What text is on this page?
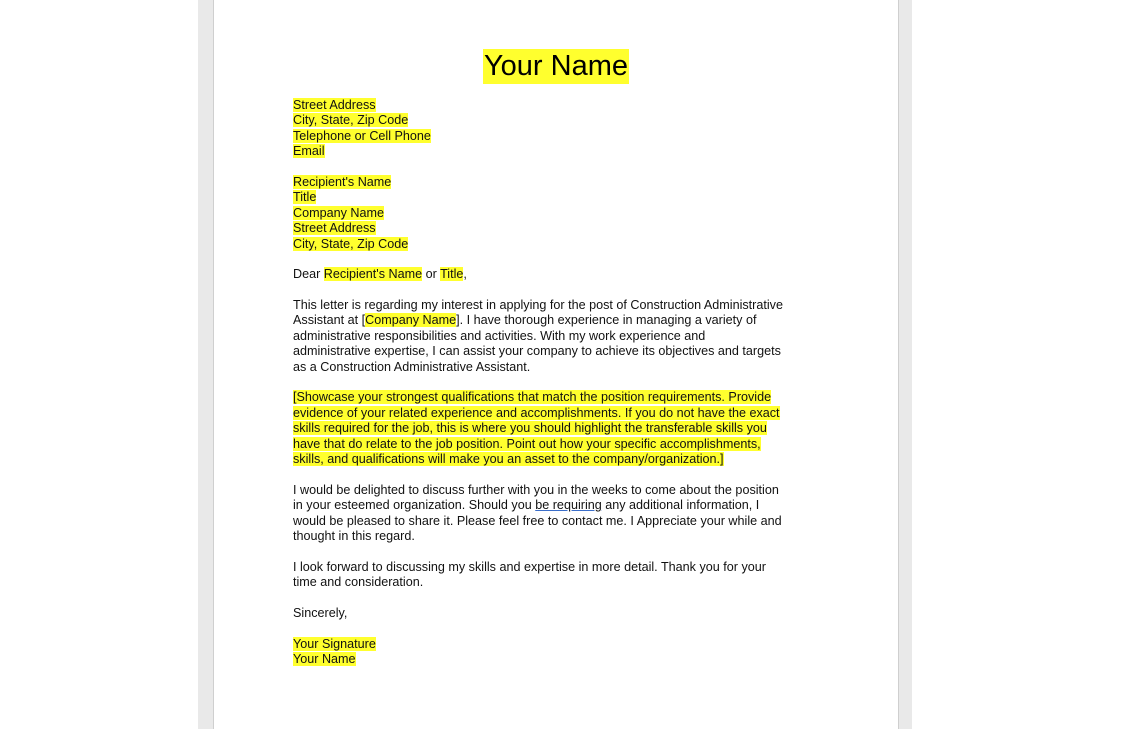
Your Name
Street Address
City, State, Zip Code
Telephone or Cell Phone
Email
Recipient's Name
Title
Company Name
Street Address
City, State, Zip Code
Dear Recipient's Name or Title,
This letter is regarding my interest in applying for the post of Construction Administrative
Assistant at [Company Name]. I have thorough experience in managing a variety of
administrative responsibilities and activities. With my work experience and
administrative expertise, I can assist your company to achieve its objectives and targets
as a Construction Administrative Assistant.
[Showcase your strongest qualifications that match the position requirements. Provide
evidence of your related experience and accomplishments. If you do not have the exact
skills required for the job, this is where you should highlight the transferable skills you
have that do relate to the job position. Point out how your specific accomplishments,
skills, and qualifications will make you an asset to the company/organization.]
I would be delighted to discuss further with you in the weeks to come about the position
in your esteemed organization. Should you be requiring any additional information, I
would be pleased to share it. Please feel free to contact me. I Appreciate your while and
thought in this regard.
I look forward to discussing my skills and expertise in more detail. Thank you for your
time and consideration.
Sincerely,
Your Signature
Your Name
